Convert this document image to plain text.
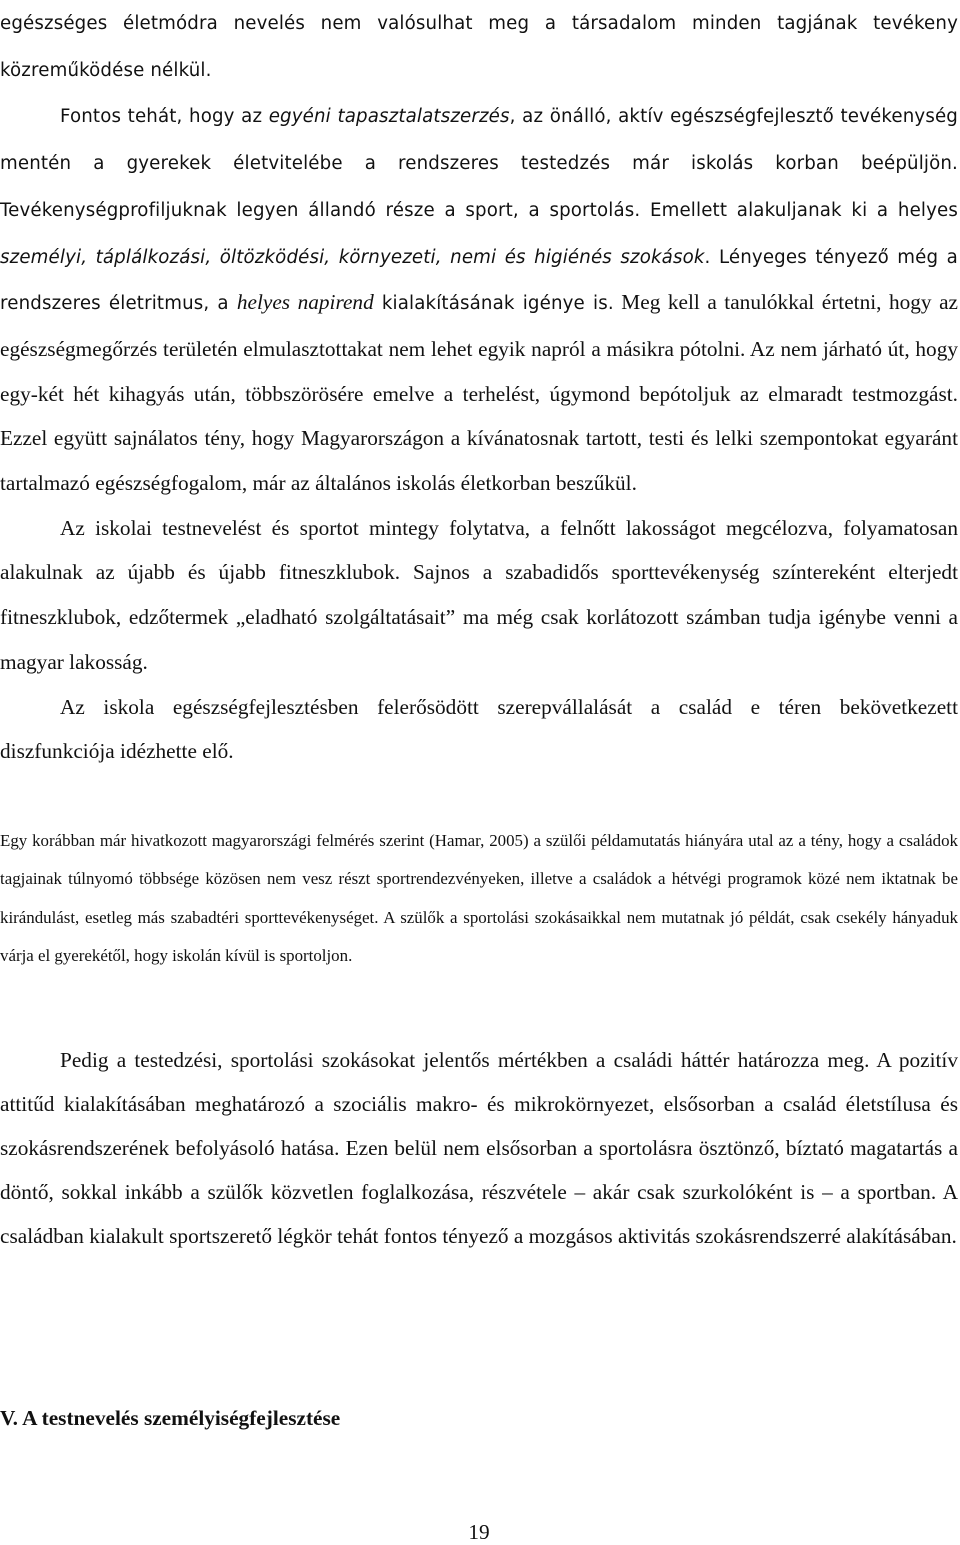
egészséges életmódra nevelés nem valósulhat meg a társadalom minden tagjának tevékeny közreműködése nélkül.

Fontos tehát, hogy az egyéni tapasztalatszerzés, az önálló, aktív egészségfejlesztő tevékenység mentén a gyerekek életvitelébe a rendszeres testedzés már iskolás korban beépüljön. Tevékenységprofiljuknak legyen állandó része a sport, a sportolás. Emellett alakuljanak ki a helyes személyi, táplálkozási, öltözködési, környezeti, nemi és higiénés szokások. Lényeges tényező még a rendszeres életritmus, a helyes napirend kialakításának igénye is. Meg kell a tanulókkal értetni, hogy az egészségmegőrzés területén elmulasztottakat nem lehet egyik napról a másikra pótolni. Az nem járható út, hogy egy-két hét kihagyás után, többszörösére emelve a terhelést, úgymond bepótoljuk az elmaradt testmozgást. Ezzel együtt sajnálatos tény, hogy Magyarországon a kívánatosnak tartott, testi és lelki szempontokat egyaránt tartalmazó egészségfogalom, már az általános iskolás életkorban beszűkül.

Az iskolai testnevelést és sportot mintegy folytatva, a felnőtt lakosságot megcélozva, folyamatosan alakulnak az újabb és újabb fitneszklubok. Sajnos a szabadidős sporttevékenység színtereként elterjedt fitneszklubok, edzőtermek „eladható szolgáltatásait” ma még csak korlátozott számban tudja igénybe venni a magyar lakosság.

Az iskola egészségfejlesztésben felerősödött szerepvállalását a család e téren bekövetkezett diszfunkciója idézhette elő.

Egy korábban már hivatkozott magyarországi felmérés szerint (Hamar, 2005) a szülői példamutatás hiányára utal az a tény, hogy a családok tagjainak túlnyomó többsége közösen nem vesz részt sportrendezvényeken, illetve a családok a hétvégi programok közé nem iktatnak be kirándulást, esetleg más szabadtéri sporttevékenységet. A szülők a sportolási szokásaikkal nem mutatnak jó példát, csak csekély hányaduk várja el gyerekétől, hogy iskolán kívül is sportoljon.

Pedig a testedzési, sportolási szokásokat jelentős mértékben a családi háttér határozza meg. A pozitív attitűd kialakításában meghatározó a szociális makro- és mikrokörnyezet, elsősorban a család életstílusa és szokásrendszerének befolyásoló hatása. Ezen belül nem elsősorban a sportolásra ösztönző, bíztató magatartás a döntő, sokkal inkább a szülők közvetlen foglalkozása, részvétele – akár csak szurkolóként is – a sportban. A családban kialakult sportszerető légkör tehát fontos tényező a mozgásos aktivitás szokásrendszerré alakításában.

V. A testnevelés személyiségfejlesztése
19
